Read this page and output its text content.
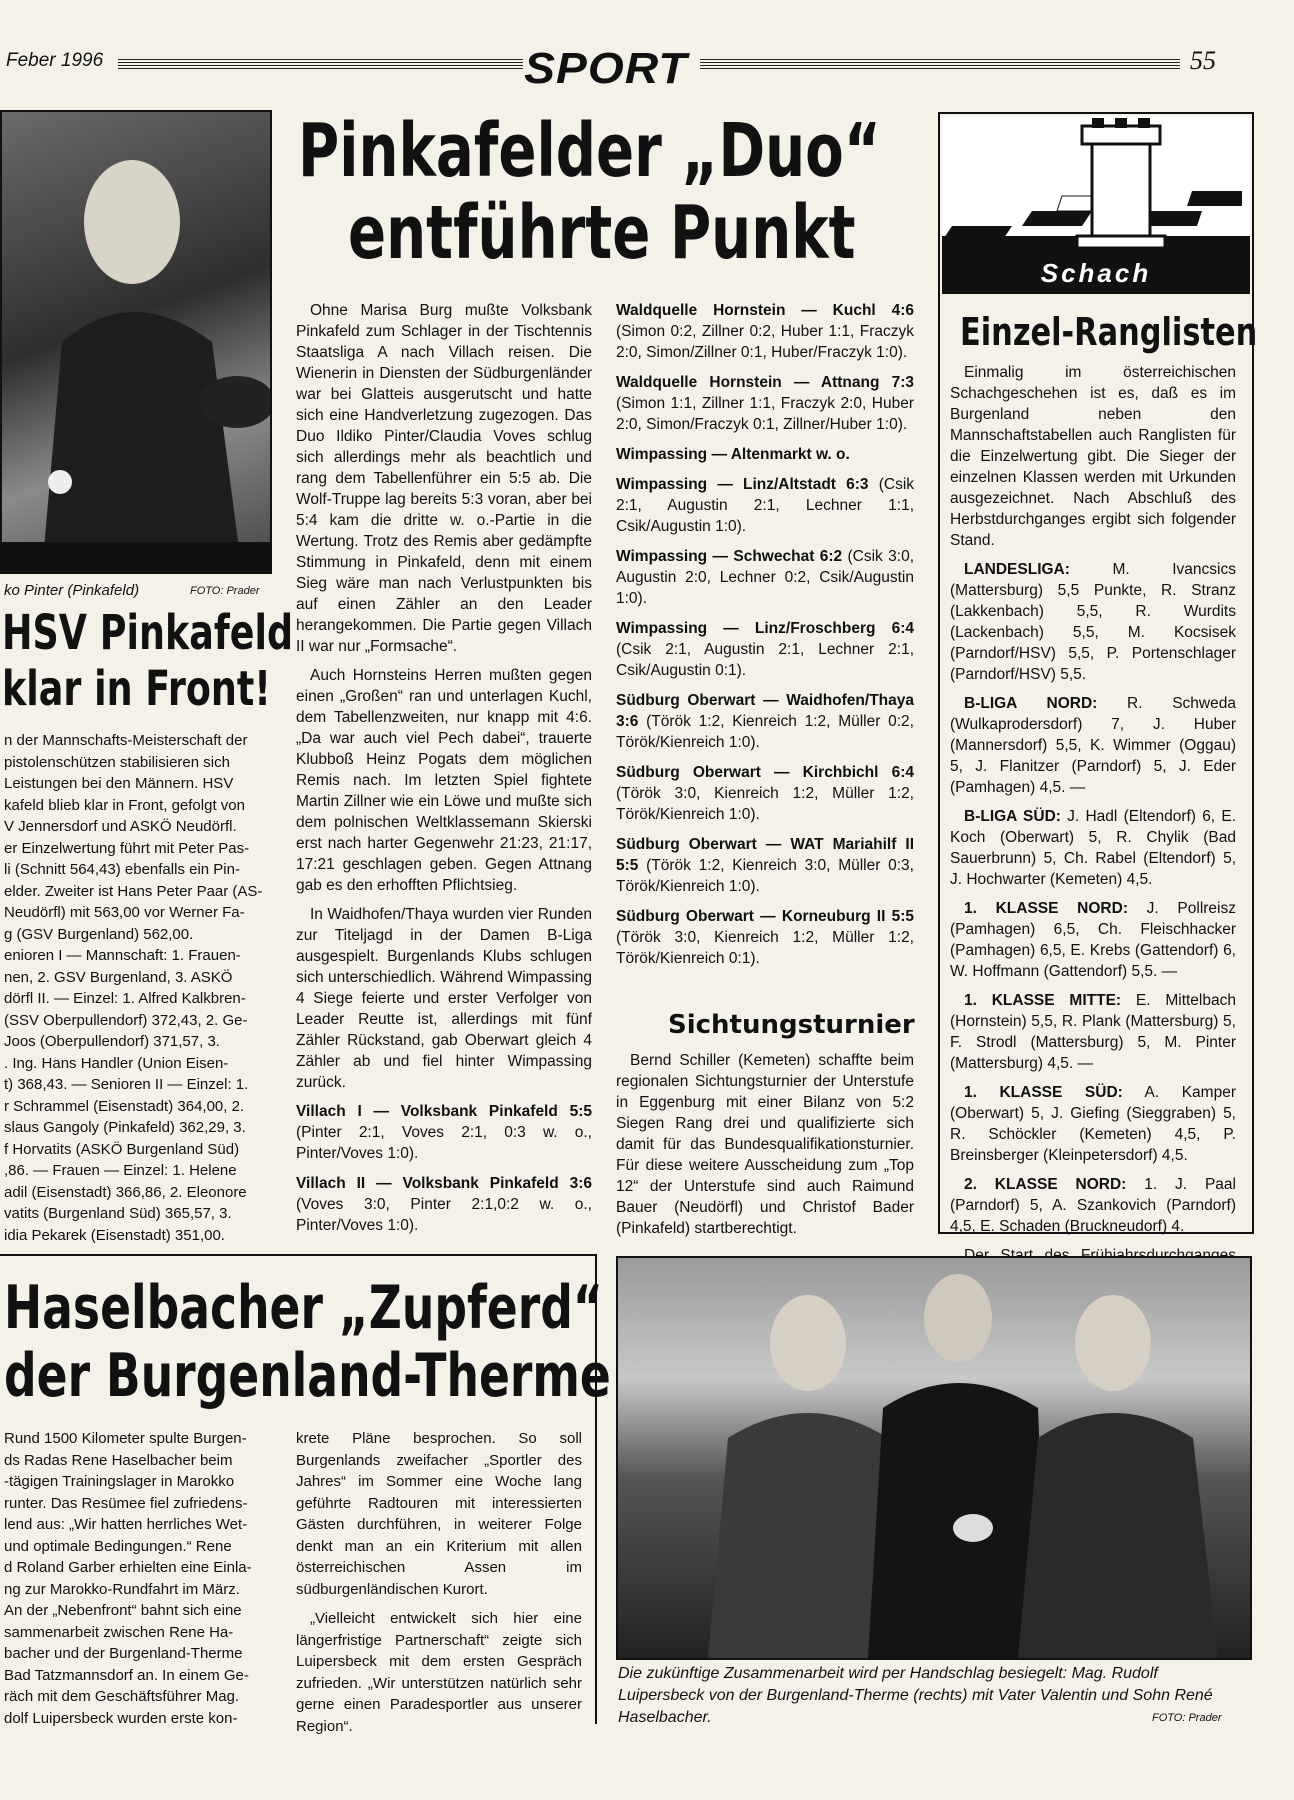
Feber 1996	SPORT	55
ko Pinter (Pinkafeld)	FOTO: Prader
HSV Pinkafeld
klar in Front!
n der Mannschafts-Meisterschaft der
pistolenschützen stabilisieren sich
Leistungen bei den Männern. HSV
kafeld blieb klar in Front, gefolgt von
V Jennersdorf und ASKÖ Neudörfl.
er Einzelwertung führt mit Peter Pas-
li (Schnitt 564,43) ebenfalls ein Pin-
elder. Zweiter ist Hans Peter Paar (AS-
Neudörfl) mit 563,00 vor Werner Fa-
g (GSV Burgenland) 562,00.
enioren I — Mannschaft: 1. Frauen-
nen, 2. GSV Burgenland, 3. ASKÖ
dörfl II. — Einzel: 1. Alfred Kalkbren-
(SSV Oberpullendorf) 372,43, 2. Ge-
Joos (Oberpullendorf) 371,57, 3.
. Ing. Hans Handler (Union Eisen-
t) 368,43. — Senioren II — Einzel: 1.
r Schrammel (Eisenstadt) 364,00, 2.
slaus Gangoly (Pinkafeld) 362,29, 3.
f Horvatits (ASKÖ Burgenland Süd)
,86. — Frauen — Einzel: 1. Helene
adil (Eisenstadt) 366,86, 2. Eleonore
vatits (Burgenland Süd) 365,57, 3.
idia Pekarek (Eisenstadt) 351,00.
Pinkafelder „Duo“
entführte Punkt

Ohne Marisa Burg mußte Volksbank Pinkafeld zum Schlager in der Tischtennis Staatsliga A nach Villach reisen. Die Wienerin in Diensten der Südburgenländer war bei Glatteis ausgerutscht und hatte sich eine Handverletzung zugezogen. Das Duo Ildiko Pinter/Claudia Voves schlug sich allerdings mehr als beachtlich und rang dem Tabellenführer ein 5:5 ab. Die Wolf-Truppe lag bereits 5:3 voran, aber bei 5:4 kam die dritte w. o.-Partie in die Wertung. Trotz des Remis aber gedämpfte Stimmung in Pinkafeld, denn mit einem Sieg wäre man nach Verlustpunkten bis auf einen Zähler an den Leader herangekommen. Die Partie gegen Villach II war nur „Formsache“.

Auch Hornsteins Herren mußten gegen einen „Großen“ ran und unterlagen Kuchl, dem Tabellenzweiten, nur knapp mit 4:6. „Da war auch viel Pech dabei“, trauerte Klubboß Heinz Pogats dem möglichen Remis nach. Im letzten Spiel fightete Martin Zillner wie ein Löwe und mußte sich dem polnischen Weltklassemann Skierski erst nach harter Gegenwehr 21:23, 21:17, 17:21 geschlagen geben. Gegen Attnang gab es den erhofften Pflichtsieg.

In Waidhofen/Thaya wurden vier Runden zur Titeljagd in der Damen B-Liga ausgespielt. Burgenlands Klubs schlugen sich unterschiedlich. Während Wimpassing 4 Siege feierte und erster Verfolger von Leader Reutte ist, allerdings mit fünf Zähler Rückstand, gab Oberwart gleich 4 Zähler ab und fiel hinter Wimpassing zurück.

Villach I — Volksbank Pinkafeld 5:5 (Pinter 2:1, Voves 2:1, 0:3 w. o., Pinter/Voves 1:0).
Villach II — Volksbank Pinkafeld 3:6 (Voves 3:0, Pinter 2:1,0:2 w. o., Pinter/Voves 1:0).
Waldquelle Hornstein — Kuchl 4:6 (Simon 0:2, Zillner 0:2, Huber 1:1, Fraczyk 2:0, Simon/Zillner 0:1, Huber/Fraczyk 1:0).
Waldquelle Hornstein — Attnang 7:3 (Simon 1:1, Zillner 1:1, Fraczyk 2:0, Huber 2:0, Simon/Fraczyk 0:1, Zillner/Huber 1:0).
Wimpassing — Altenmarkt w. o.
Wimpassing — Linz/Altstadt 6:3 (Csik 2:1, Augustin 2:1, Lechner 1:1, Csik/Augustin 1:0).
Wimpassing — Schwechat 6:2 (Csik 3:0, Augustin 2:0, Lechner 0:2, Csik/Augustin 1:0).
Wimpassing — Linz/Froschberg 6:4 (Csik 2:1, Augustin 2:1, Lechner 2:1, Csik/Augustin 0:1).
Südburg Oberwart — Waidhofen/Thaya 3:6 (Török 1:2, Kienreich 1:2, Müller 0:2, Török/Kienreich 1:0).
Südburg Oberwart — Kirchbichl 6:4 (Török 3:0, Kienreich 1:2, Müller 1:2, Török/Kienreich 1:0).
Südburg Oberwart — WAT Mariahilf II 5:5 (Török 1:2, Kienreich 3:0, Müller 0:3, Török/Kienreich 1:0).
Südburg Oberwart — Korneuburg II 5:5 (Török 3:0, Kienreich 1:2, Müller 1:2, Török/Kienreich 0:1).
Sichtungsturnier

Bernd Schiller (Kemeten) schaffte beim regionalen Sichtungsturnier der Unterstufe in Eggenburg mit einer Bilanz von 5:2 Siegen Rang drei und qualifizierte sich damit für das Bundesqualifikationsturnier. Für diese weitere Ausscheidung zum „Top 12“ der Unterstufe sind auch Raimund Bauer (Neudörfl) und Christof Bader (Pinkafeld) startberechtigt.

Schach
Einzel-Ranglisten

Einmalig im österreichischen Schachgeschehen ist es, daß es im Burgenland neben den Mannschaftstabellen auch Ranglisten für die Einzelwertung gibt. Die Sieger der einzelnen Klassen werden mit Urkunden ausgezeichnet. Nach Abschluß des Herbstdurchganges ergibt sich folgender Stand.

LANDESLIGA: M. Ivancsics (Mattersburg) 5,5 Punkte, R. Stranz (Lakkenbach) 5,5, R. Wurdits (Lackenbach) 5,5, M. Kocsisek (Parndorf/HSV) 5,5, P. Portenschlager (Parndorf/HSV) 5,5.

B-LIGA NORD: R. Schweda (Wulkaprodersdorf) 7, J. Huber (Mannersdorf) 5,5, K. Wimmer (Oggau) 5, J. Flanitzer (Parndorf) 5, J. Eder (Pamhagen) 4,5. —

B-LIGA SÜD: J. Hadl (Eltendorf) 6, E. Koch (Oberwart) 5, R. Chylik (Bad Sauerbrunn) 5, Ch. Rabel (Eltendorf) 5, J. Hochwarter (Kemeten) 4,5.

1. KLASSE NORD: J. Pollreisz (Pamhagen) 6,5, Ch. Fleischhacker (Pamhagen) 6,5, E. Krebs (Gattendorf) 6, W. Hoffmann (Gattendorf) 5,5. —

1. KLASSE MITTE: E. Mittelbach (Hornstein) 5,5, R. Plank (Mattersburg) 5, F. Strodl (Mattersburg) 5, M. Pinter (Mattersburg) 4,5. —

1. KLASSE SÜD: A. Kamper (Oberwart) 5, J. Giefing (Sieggraben) 5, R. Schöckler (Kemeten) 4,5, P. Breinsberger (Kleinpetersdorf) 4,5.

2. KLASSE NORD: 1. J. Paal (Parndorf) 5, A. Szankovich (Parndorf) 4,5, E. Schaden (Bruckneudorf) 4.

Haselbacher „Zupferd“
der Burgenland-Therme
Rund 1500 Kilometer spulte Burgen-
ds Radas Rene Haselbacher beim
-tägigen Trainingslager in Marokko
runter. Das Resümee fiel zufriedens-
lend aus: „Wir hatten herrliches Wet-
und optimale Bedingungen.“ Rene
d Roland Garber erhielten eine Einla-
ng zur Marokko-Rundfahrt im März.
An der „Nebenfront“ bahnt sich eine
sammenarbeit zwischen Rene Ha-
bacher und der Burgenland-Therme
Bad Tatzmannsdorf an. In einem Ge-
räch mit dem Geschäftsführer Mag.
dolf Luipersbeck wurden erste kon-

krete Pläne besprochen. So soll Burgenlands zweifacher „Sportler des Jahres“ im Sommer eine Woche lang geführte Radtouren mit interessierten Gästen durchführen, in weiterer Folge denkt man an ein Kriterium mit allen österreichischen Assen im südburgenländischen Kurort.

„Vielleicht entwickelt sich hier eine längerfristige Partnerschaft“ zeigte sich Luipersbeck mit dem ersten Gespräch zufrieden. „Wir unterstützen natürlich sehr gerne einen Paradesportler aus unserer Region“.

Die zukünftige Zusammenarbeit wird per Handschlag besiegelt: Mag. Rudolf Luipersbeck von der Burgenland-Therme (rechts) mit Vater Valentin und Sohn René Haselbacher.	FOTO: Prader
